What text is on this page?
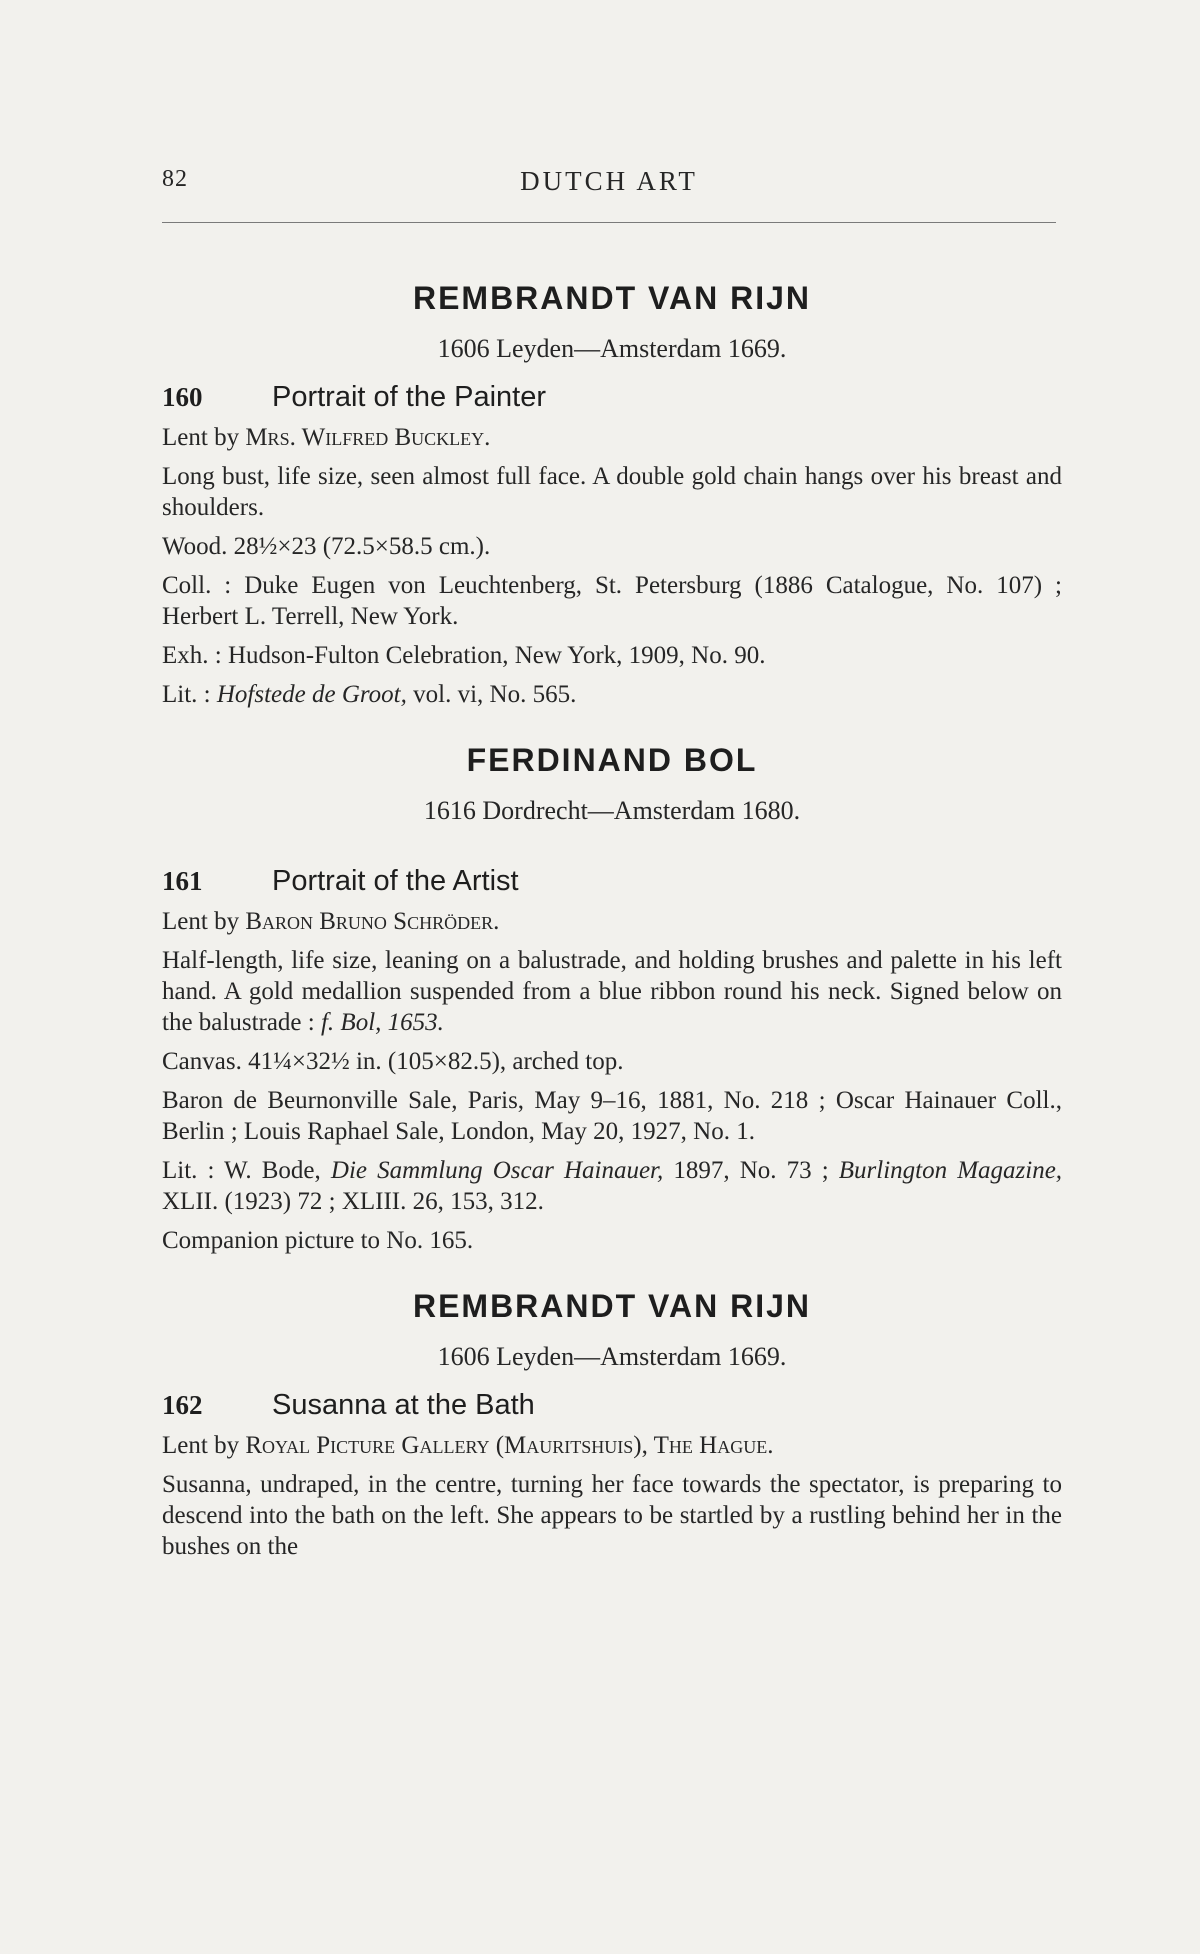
82	DUTCH ART
REMBRANDT VAN RIJN
1606 Leyden—Amsterdam 1669.
160 Portrait of the Painter

Lent by Mrs. Wilfred Buckley.

Long bust, life size, seen almost full face. A double gold chain hangs over his breast and shoulders.

Wood. 28½×23 (72.5×58.5 cm.).

Coll. : Duke Eugen von Leuchtenberg, St. Petersburg (1886 Catalogue, No. 107) ; Herbert L. Terrell, New York.

Exh. : Hudson-Fulton Celebration, New York, 1909, No. 90.

Lit. : Hofstede de Groot, vol. vi, No. 565.

FERDINAND BOL
1616 Dordrecht—Amsterdam 1680.
161 Portrait of the Artist

Lent by Baron Bruno Schröder.

Half-length, life size, leaning on a balustrade, and holding brushes and palette in his left hand. A gold medallion suspended from a blue ribbon round his neck. Signed below on the balustrade : f. Bol, 1653.

Canvas. 41¼×32½ in. (105×82.5), arched top.

Baron de Beurnonville Sale, Paris, May 9–16, 1881, No. 218 ; Oscar Hainauer Coll., Berlin ; Louis Raphael Sale, London, May 20, 1927, No. 1.

Lit. : W. Bode, Die Sammlung Oscar Hainauer, 1897, No. 73 ; Burlington Magazine, XLII. (1923) 72 ; XLIII. 26, 153, 312.

Companion picture to No. 165.

REMBRANDT VAN RIJN
1606 Leyden—Amsterdam 1669.
162 Susanna at the Bath

Lent by Royal Picture Gallery (Mauritshuis), The Hague.

Susanna, undraped, in the centre, turning her face towards the spectator, is preparing to descend into the bath on the left. She appears to be startled by a rustling behind her in the bushes on the
